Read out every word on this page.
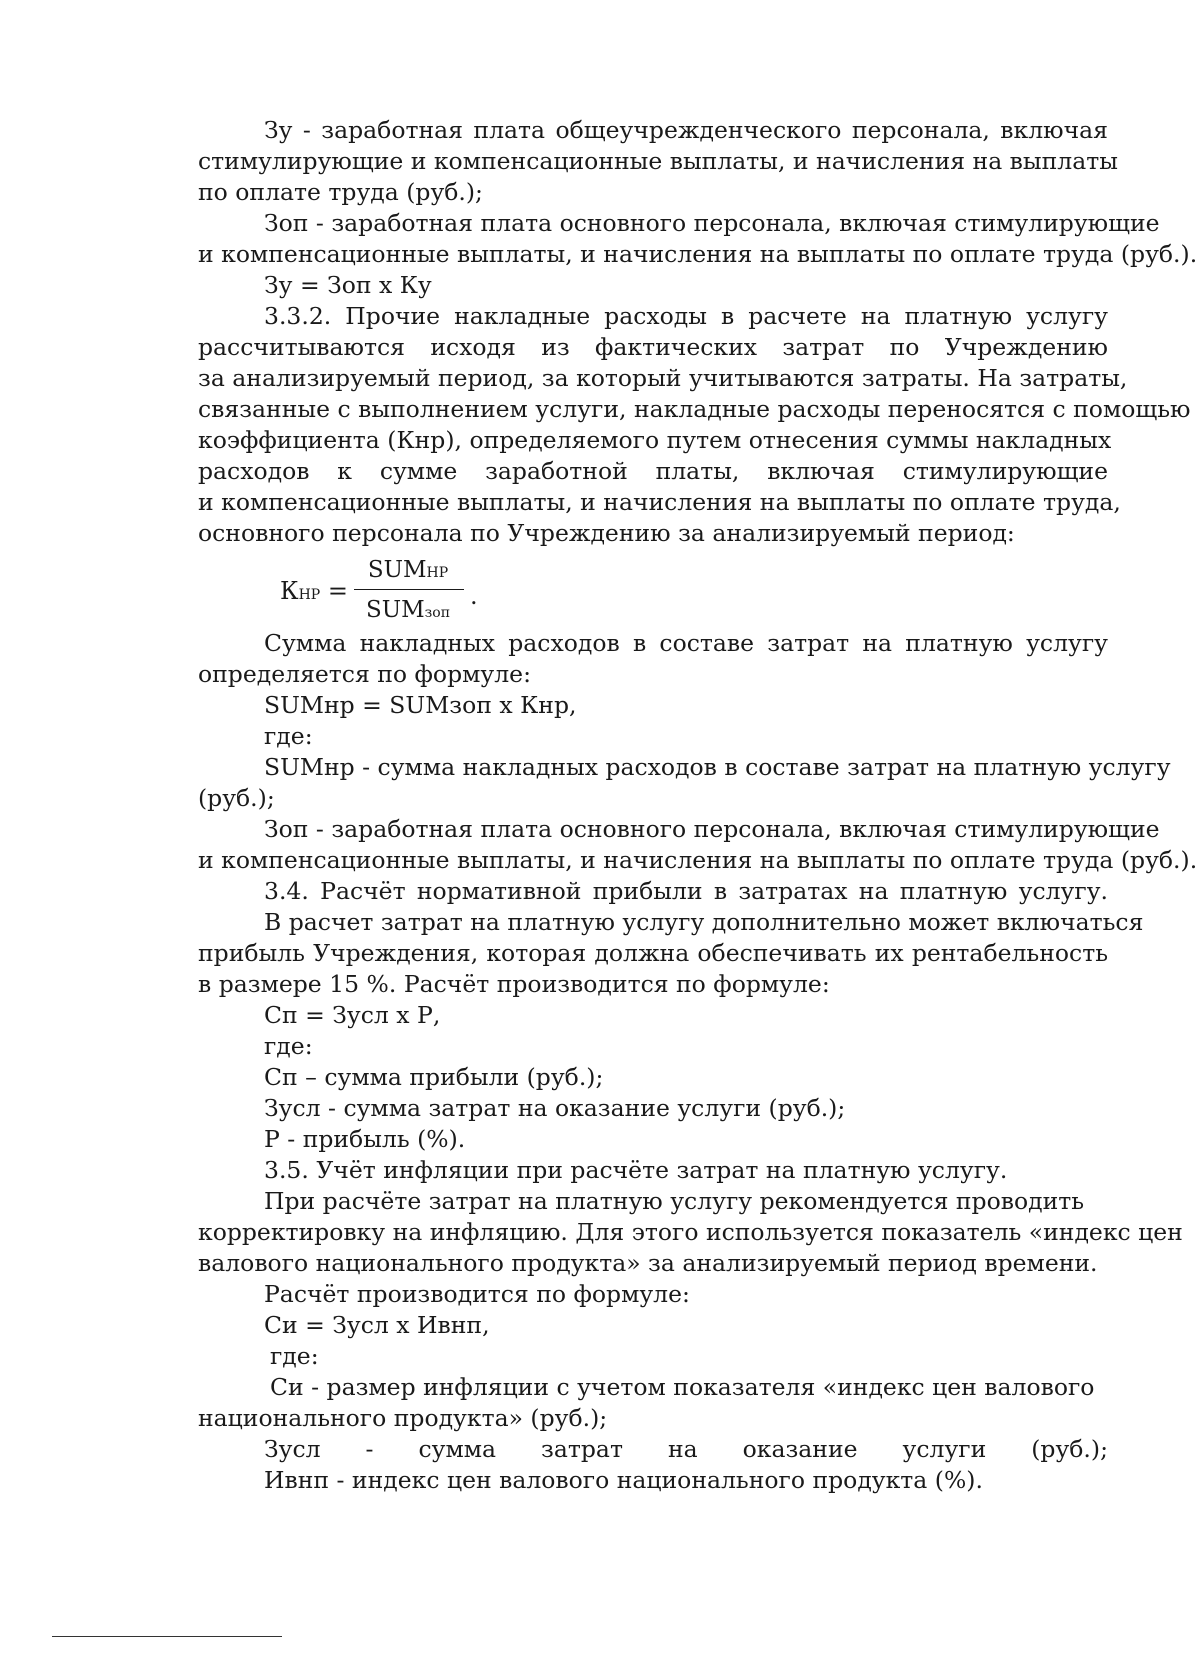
Зу - заработная плата общеучрежденческого персонала, включая
стимулирующие и компенсационные выплаты, и начисления на выплаты
по оплате труда (руб.);
Зоп - заработная плата основного персонала, включая стимулирующие
и компенсационные выплаты, и начисления на выплаты по оплате труда (руб.).
Зу = Зоп х Ку
3.3.2. Прочие накладные расходы в расчете на платную услугу
рассчитываются исходя из фактических затрат по Учреждению
за анализируемый период, за который учитываются затраты. На затраты,
связанные с выполнением услуги, накладные расходы переносятся с помощью
коэффициента (Кнр), определяемого путем отнесения суммы накладных
расходов к сумме заработной платы, включая стимулирующие
и компенсационные выплаты, и начисления на выплаты по оплате труда,
основного персонала по Учреждению за анализируемый период:
КНР =
SUMНР
SUMзоп
.
Сумма накладных расходов в составе затрат на платную услугу
определяется по формуле:
SUMнр = SUMзоп х Кнр,
где:
SUMнр - сумма накладных расходов в составе затрат на платную услугу
(руб.);
Зоп - заработная плата основного персонала, включая стимулирующие
и компенсационные выплаты, и начисления на выплаты по оплате труда (руб.).
3.4. Расчёт нормативной прибыли в затратах на платную услугу.
В расчет затрат на платную услугу дополнительно может включаться
прибыль Учреждения, которая должна обеспечивать их рентабельность
в размере 15 %. Расчёт производится по формуле:
Сп = Зусл х Р,
где:
Сп – сумма прибыли (руб.);
Зусл - сумма затрат на оказание услуги (руб.);
Р - прибыль (%).
3.5. Учёт инфляции при расчёте затрат на платную услугу.
При расчёте затрат на платную услугу рекомендуется проводить
корректировку на инфляцию. Для этого используется показатель «индекс цен
валового национального продукта» за анализируемый период времени.
Расчёт производится по формуле:
Си = Зусл х Ивнп,
где:
Си - размер инфляции с учетом показателя «индекс цен валового
национального продукта» (руб.);
Зусл - сумма затрат на оказание услуги (руб.);
Ивнп - индекс цен валового национального продукта (%).
